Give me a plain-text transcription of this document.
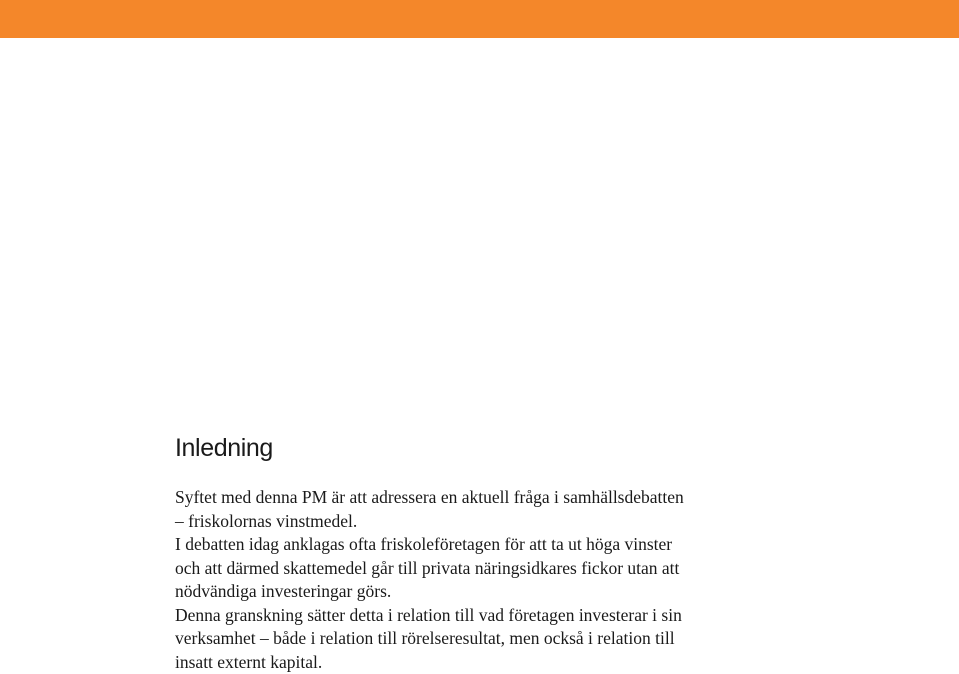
Inledning

Syftet med denna PM är att adressera en aktuell fråga i samhällsdebatten
– friskolornas vinstmedel.

I debatten idag anklagas ofta friskoleföretagen för att ta ut höga vinster
och att därmed skattemedel går till privata näringsidkares fickor utan att
nödvändiga investeringar görs.

Denna granskning sätter detta i relation till vad företagen investerar i sin
verksamhet – både i relation till rörelseresultat, men också i relation till
insatt externt kapital.
